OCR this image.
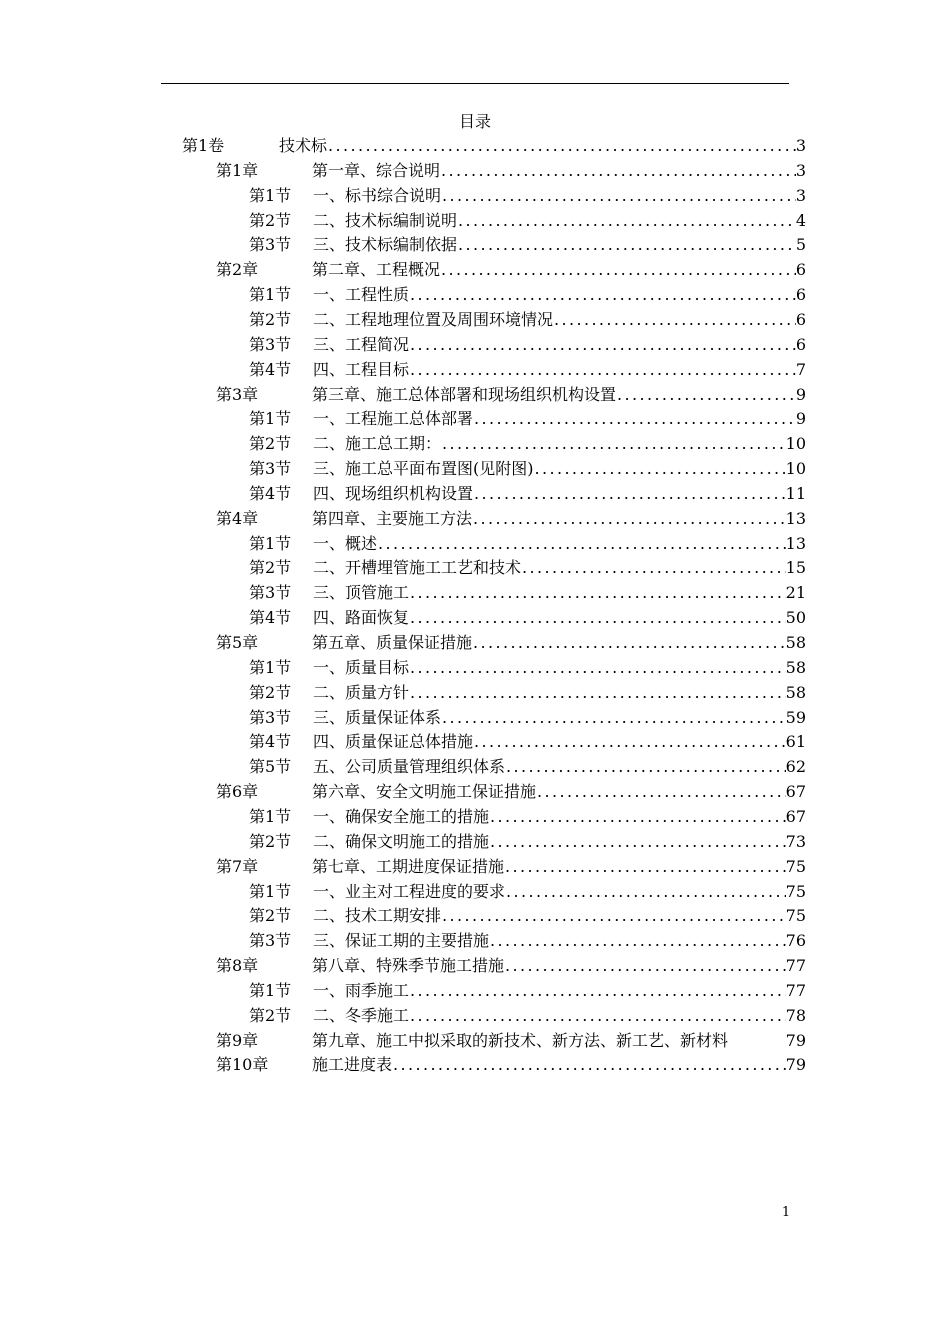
目录
第1卷	技术标 .....	3
第1章	第一章、综合说明 .....	3
第1节	一、标书综合说明 .....	3
第2节	二、技术标编制说明 .....	4
第3节	三、技术标编制依据 .....	5
第2章	第二章、工程概况 .....	6
第1节	一、工程性质 .....	6
第2节	二、工程地理位置及周围环境情况 .....	6
第3节	三、工程简况 .....	6
第4节	四、工程目标 .....	7
第3章	第三章、施工总体部署和现场组织机构设置 .....	9
第1节	一、工程施工总体部署 .....	9
第2节	二、施工总工期： .....	10
第3节	三、施工总平面布置图(见附图) .....	10
第4节	四、现场组织机构设置 .....	11
第4章	第四章、主要施工方法 .....	13
第1节	一、概述 .....	13
第2节	二、开槽埋管施工工艺和技术 .....	15
第3节	三、顶管施工 .....	21
第4节	四、路面恢复 .....	50
第5章	第五章、质量保证措施 .....	58
第1节	一、质量目标 .....	58
第2节	二、质量方针 .....	58
第3节	三、质量保证体系 .....	59
第4节	四、质量保证总体措施 .....	61
第5节	五、公司质量管理组织体系 .....	62
第6章	第六章、安全文明施工保证措施 .....	67
第1节	一、确保安全施工的措施 .....	67
第2节	二、确保文明施工的措施 .....	73
第7章	第七章、工期进度保证措施 .....	75
第1节	一、业主对工程进度的要求 .....	75
第2节	二、技术工期安排 .....	75
第3节	三、保证工期的主要措施 .....	76
第8章	第八章、特殊季节施工措施 .....	77
第1节	一、雨季施工 .....	77
第2节	二、冬季施工 .....	78
第9章	第九章、施工中拟采取的新技术、新方法、新工艺、新材料	79
第10章	施工进度表 .....	79
1
